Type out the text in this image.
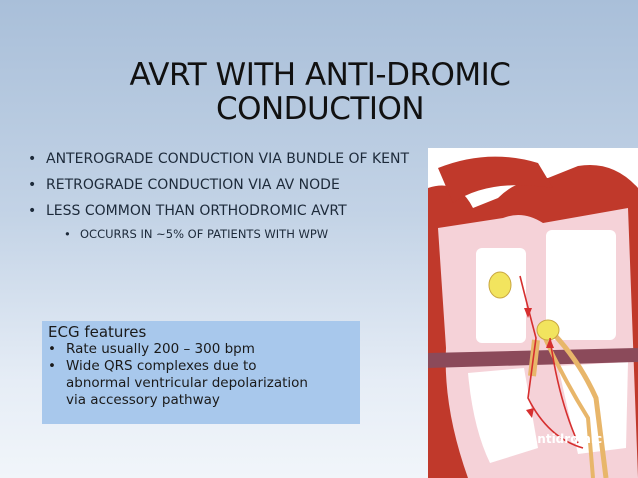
AVRT WITH ANTI-DROMIC
CONDUCTION
• ANTEROGRADE CONDUCTION VIA BUNDLE OF KENT
• RETROGRADE CONDUCTION VIA AV NODE
• LESS COMMON THAN ORTHODROMIC AVRT
• OCCURRS IN ~5% OF PATIENTS WITH WPW
ECG features
• Rate usually 200 – 300 bpm
• Wide QRS complexes due to
abnormal ventricular depolarization
via accessory pathway
Antidromic
